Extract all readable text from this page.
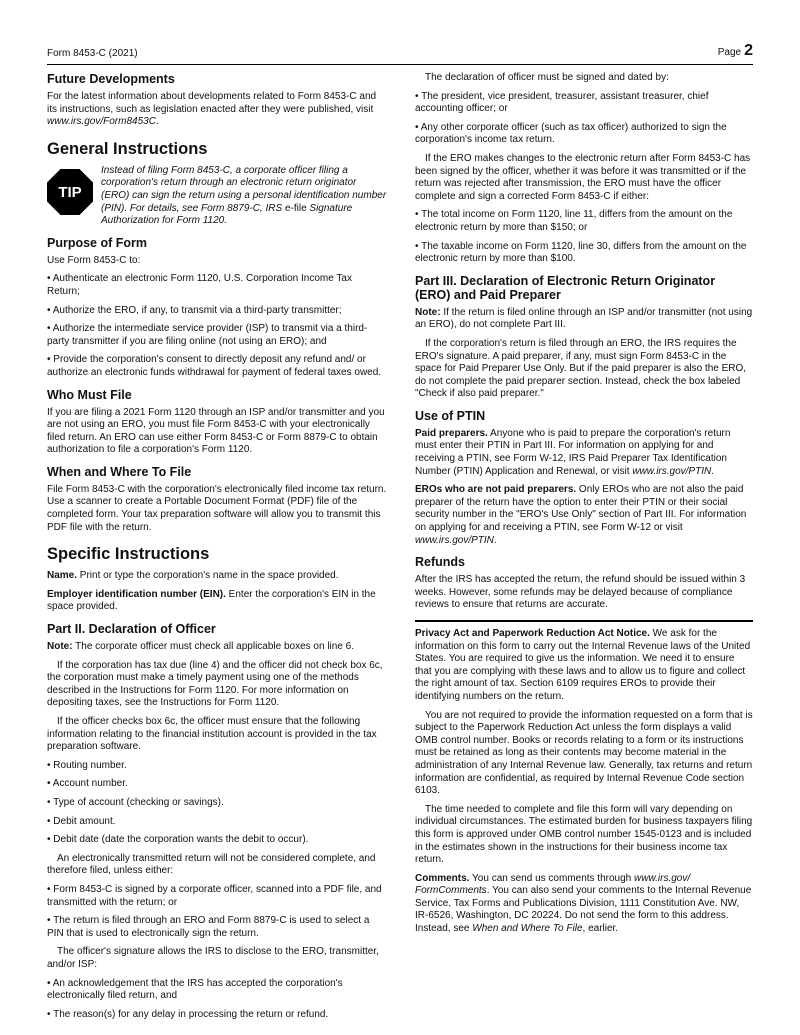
Form 8453-C (2021)	Page 2
Future Developments

For the latest information about developments related to Form 8453-C and its instructions, such as legislation enacted after they were published, visit www.irs.gov/Form8453C.

General Instructions
TIP
Instead of filing Form 8453-C, a corporate officer filing a corporation's return through an electronic return originator (ERO) can sign the return using a personal identification number (PIN). For details, see Form 8879-C, IRS e-file Signature Authorization for Form 1120.
Purpose of Form

Use Form 8453-C to:

• Authenticate an electronic Form 1120, U.S. Corporation Income Tax Return;

• Authorize the ERO, if any, to transmit via a third-party transmitter;

• Authorize the intermediate service provider (ISP) to transmit via a third-party transmitter if you are filing online (not using an ERO); and

• Provide the corporation's consent to directly deposit any refund and/ or authorize an electronic funds withdrawal for payment of federal taxes owed.

Who Must File

If you are filing a 2021 Form 1120 through an ISP and/or transmitter and you are not using an ERO, you must file Form 8453-C with your electronically filed return. An ERO can use either Form 8453-C or Form 8879-C to obtain authorization to file a corporation's Form 1120.

When and Where To File

File Form 8453-C with the corporation's electronically filed income tax return. Use a scanner to create a Portable Document Format (PDF) file of the completed form. Your tax preparation software will allow you to transmit this PDF file with the return.

Specific Instructions

Name. Print or type the corporation's name in the space provided.

Employer identification number (EIN). Enter the corporation's EIN in the space provided.

Part II. Declaration of Officer

Note: The corporate officer must check all applicable boxes on line 6.

If the corporation has tax due (line 4) and the officer did not check box 6c, the corporation must make a timely payment using one of the methods described in the Instructions for Form 1120. For more information on depositing taxes, see the Instructions for Form 1120.

If the officer checks box 6c, the officer must ensure that the following information relating to the financial institution account is provided in the tax preparation software.

• Routing number.

• Account number.

• Type of account (checking or savings).

• Debit amount.

• Debit date (date the corporation wants the debit to occur).

An electronically transmitted return will not be considered complete, and therefore filed, unless either:

• Form 8453-C is signed by a corporate officer, scanned into a PDF file, and transmitted with the return; or

• The return is filed through an ERO and Form 8879-C is used to select a PIN that is used to electronically sign the return.

The officer's signature allows the IRS to disclose to the ERO, transmitter, and/or ISP:

• An acknowledgement that the IRS has accepted the corporation's electronically filed return, and

• The reason(s) for any delay in processing the return or refund.

The declaration of officer must be signed and dated by:

• The president, vice president, treasurer, assistant treasurer, chief accounting officer; or

• Any other corporate officer (such as tax officer) authorized to sign the corporation's income tax return.

If the ERO makes changes to the electronic return after Form 8453-C has been signed by the officer, whether it was before it was transmitted or if the return was rejected after transmission, the ERO must have the officer complete and sign a corrected Form 8453-C if either:

• The total income on Form 1120, line 11, differs from the amount on the electronic return by more than $150; or

• The taxable income on Form 1120, line 30, differs from the amount on the electronic return by more than $100.

Part III. Declaration of Electronic Return Originator (ERO) and Paid Preparer

Note: If the return is filed online through an ISP and/or transmitter (not using an ERO), do not complete Part III.

If the corporation's return is filed through an ERO, the IRS requires the ERO's signature. A paid preparer, if any, must sign Form 8453-C in the space for Paid Preparer Use Only. But if the paid preparer is also the ERO, do not complete the paid preparer section. Instead, check the box labeled "Check if also paid preparer."

Use of PTIN

Paid preparers. Anyone who is paid to prepare the corporation's return must enter their PTIN in Part III. For information on applying for and receiving a PTIN, see Form W-12, IRS Paid Preparer Tax Identification Number (PTIN) Application and Renewal, or visit www.irs.gov/PTIN.

EROs who are not paid preparers. Only EROs who are not also the paid preparer of the return have the option to enter their PTIN or their social security number in the "ERO's Use Only" section of Part III. For information on applying for and receiving a PTIN, see Form W-12 or visit www.irs.gov/PTIN.

Refunds

After the IRS has accepted the return, the refund should be issued within 3 weeks. However, some refunds may be delayed because of compliance reviews to ensure that returns are accurate.

Privacy Act and Paperwork Reduction Act Notice. We ask for the information on this form to carry out the Internal Revenue laws of the United States. You are required to give us the information. We need it to ensure that you are complying with these laws and to allow us to figure and collect the right amount of tax. Section 6109 requires EROs to provide their identifying numbers on the return.

You are not required to provide the information requested on a form that is subject to the Paperwork Reduction Act unless the form displays a valid OMB control number. Books or records relating to a form or its instructions must be retained as long as their contents may become material in the administration of any Internal Revenue law. Generally, tax returns and return information are confidential, as required by Internal Revenue Code section 6103.

The time needed to complete and file this form will vary depending on individual circumstances. The estimated burden for business taxpayers filing this form is approved under OMB control number 1545-0123 and is included in the estimates shown in the instructions for their business income tax return.

Comments. You can send us comments through www.irs.gov/ FormComments. You can also send your comments to the Internal Revenue Service, Tax Forms and Publications Division, 1111 Constitution Ave. NW, IR-6526, Washington, DC 20224. Do not send the form to this address. Instead, see When and Where To File, earlier.
